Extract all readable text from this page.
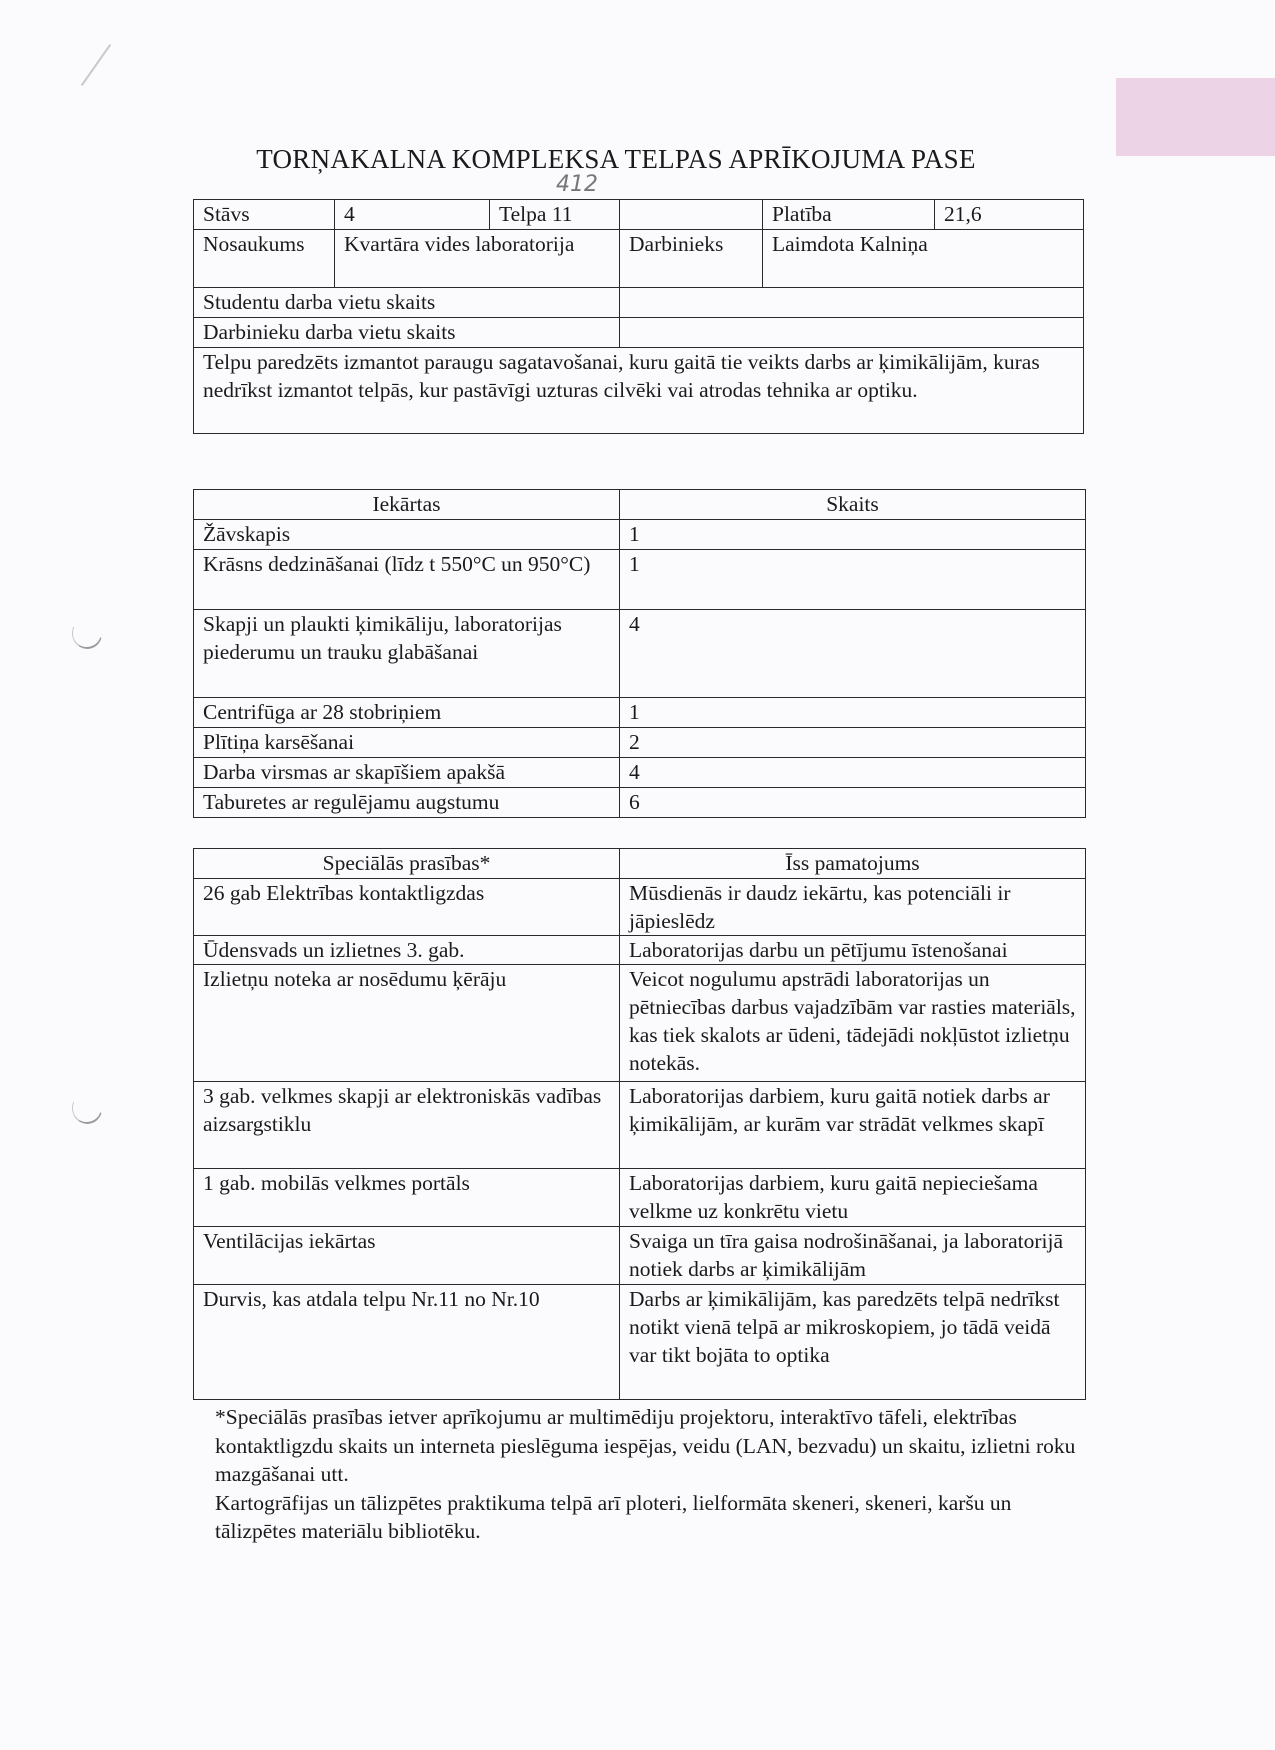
TORŅAKALNA KOMPLEKSA TELPAS APRĪKOJUMA PASE
412
Stāvs	4	Telpa 11		Platība	21,6
Nosaukums	Kvartāra vides laboratorija		Darbinieks	Laimdota Kalniņa	
Studentu darba vietu skaits					
Darbinieku darba vietu skaits					
Telpu paredzēts izmantot paraugu sagatavošanai, kuru gaitā tie veikts darbs ar ķimikālijām, kuras nedrīkst izmantot telpās, kur pastāvīgi uzturas cilvēki vai atrodas tehnika ar optiku.					
Iekārtas	Skaits
Žāvskapis	1
Krāsns dedzināšanai (līdz t 550°C un 950°C)	1
Skapji un plaukti ķimikāliju, laboratorijas piederumu un trauku glabāšanai	4
Centrifūga ar 28 stobriņiem	1
Plītiņa karsēšanai	2
Darba virsmas ar skapīšiem apakšā	4
Taburetes ar regulējamu augstumu	6
Speciālās prasības*	Īss pamatojums
26 gab Elektrības kontaktligzdas	Mūsdienās ir daudz iekārtu, kas potenciāli ir jāpieslēdz
Ūdensvads un izlietnes 3. gab.	Laboratorijas darbu un pētījumu īstenošanai
Izlietņu noteka ar nosēdumu ķērāju	Veicot nogulumu apstrādi laboratorijas un pētniecības darbus vajadzībām var rasties materiāls, kas tiek skalots ar ūdeni, tādejādi nokļūstot izlietņu notekās.
3 gab. velkmes skapji ar elektroniskās vadības aizsargstiklu	Laboratorijas darbiem, kuru gaitā notiek darbs ar ķimikālijām, ar kurām var strādāt velkmes skapī
1 gab. mobilās velkmes portāls	Laboratorijas darbiem, kuru gaitā nepieciešama velkme uz konkrētu vietu
Ventilācijas iekārtas	Svaiga un tīra gaisa nodrošināšanai, ja laboratorijā notiek darbs ar ķimikālijām
Durvis, kas atdala telpu Nr.11 no Nr.10	Darbs ar ķimikālijām, kas paredzēts telpā nedrīkst notikt vienā telpā ar mikroskopiem, jo tādā veidā var tikt bojāta to optika

*Speciālās prasības ietver aprīkojumu ar multimēdiju projektoru, interaktīvo tāfeli, elektrības kontaktligzdu skaits un interneta pieslēguma iespējas, veidu (LAN, bezvadu) un skaitu, izlietni roku mazgāšanai utt.

Kartogrāfijas un tālizpētes praktikuma telpā arī ploteri, lielformāta skeneri, skeneri, karšu un tālizpētes materiālu bibliotēku.
